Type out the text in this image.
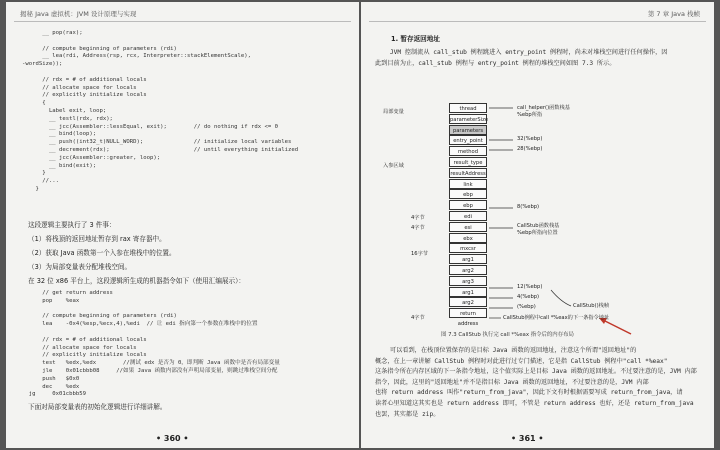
揭秘 Java 虚拟机：JVM 设计原理与实现
__ pop(rax);

// compute beginning of parameters (rdi)
__ lea(rdi, Address(rsp, rcx, Interpreter::stackElementScale),
-wordSize));

// rdx = # of additional locals
// allocate space for locals
// explicitly initialize locals
{
Label exit, loop;
__ testl(rdx, rdx);
__ jcc(Assembler::lessEqual, exit);        // do nothing if rdx <= 0
__ bind(loop);
__ push((int32_t)NULL_WORD);               // initialize local variables
__ decrement(rdx);                         // until everything initialized
__ jcc(Assembler::greater, loop);
__ bind(exit);
}
//...
}
这段逻辑主要执行了 3 件事：
（1）将栈顶的返回地址暂存到 rax 寄存器中。
（2）获取 Java 函数第一个入参在堆栈中的位置。
（3）为局部变量表分配堆栈空间。
在 32 位 x86 平台上，这段逻辑所生成的机器指令如下（使用汇编展示）：
// get return address
pop    %eax

// compute beginning of parameters (rdi)
lea    -0x4(%esp,%ecx,4),%edi  // 让 edi 指向第一个参数在堆栈中的位置

// rdx = # of additional locals
// allocate space for locals
// explicitly initialize locals
test   %edx,%edx        //测试 edx 是否为 0，即判断 Java 函数中是否有局部变量
jle    0x01cbbb08     //如果 Java 函数内部没有声明局部变量，则跳过堆栈空间分配
push   $0x0
dec    %edx
jg     0x01cbbb59
下面对局部变量表的初始化逻辑进行详细讲解。
• 360 •
第 7 章 Java 栈帧
1. 暂存返回地址
JVM 控制流从 call_stub 例程跳进入 entry_point 例程时，尚未对堆栈空间进行任何操作，因
此到目前为止，call_stub 例程与 entry_point 例程的堆栈空间如图 7.3 所示。
thread
parameterSize
parameters
entry_point
method
result_type
resultAddress
link
ebp
ebp
edi
esi
ebx
mxcsr
arg1
arg2
arg3
arg1
arg2
return address
局部变量
入参区域
4字节
4字节
16字节
4字节
call_helper()函数栈基
%ebp所指
32(%ebp)
28(%ebp)
8(%ebp)
CallStub函数栈基
%ebp所指向位置
12(%ebp)
4(%ebp)
(%ebp)	CallStub()栈帧
CallStub例程中call *%eax的下一条指令地址
图 7.3 CallStub 执行完 call *%eax 指令后的内存布局
可以看到，在栈顶位置保存的是目标 Java 函数的返回地址，注意这个所谓"返回地址"的
概念，在上一章讲解 CallStub 例程时对此进行过专门描述，它是指 CallStub 例程中"call *%eax"
这条指令所在内存区域的下一条指令地址，这个值实际上是目标 Java 函数的返回地址。不过要注意的是，JVM 内部
指令，因此，这里的"返回地址"并不是指目标 Java 函数的返回地址，不过要注意的是，JVM 内部
也将 return address 叫作"return_from_java"，因此下文有时根据需要写成 return_from_java，请
读者心里知道这其实也是 return address 即可，不管是 return address 也好，还是 return_from_java
也罢，其实都是 zip。
• 361 •
